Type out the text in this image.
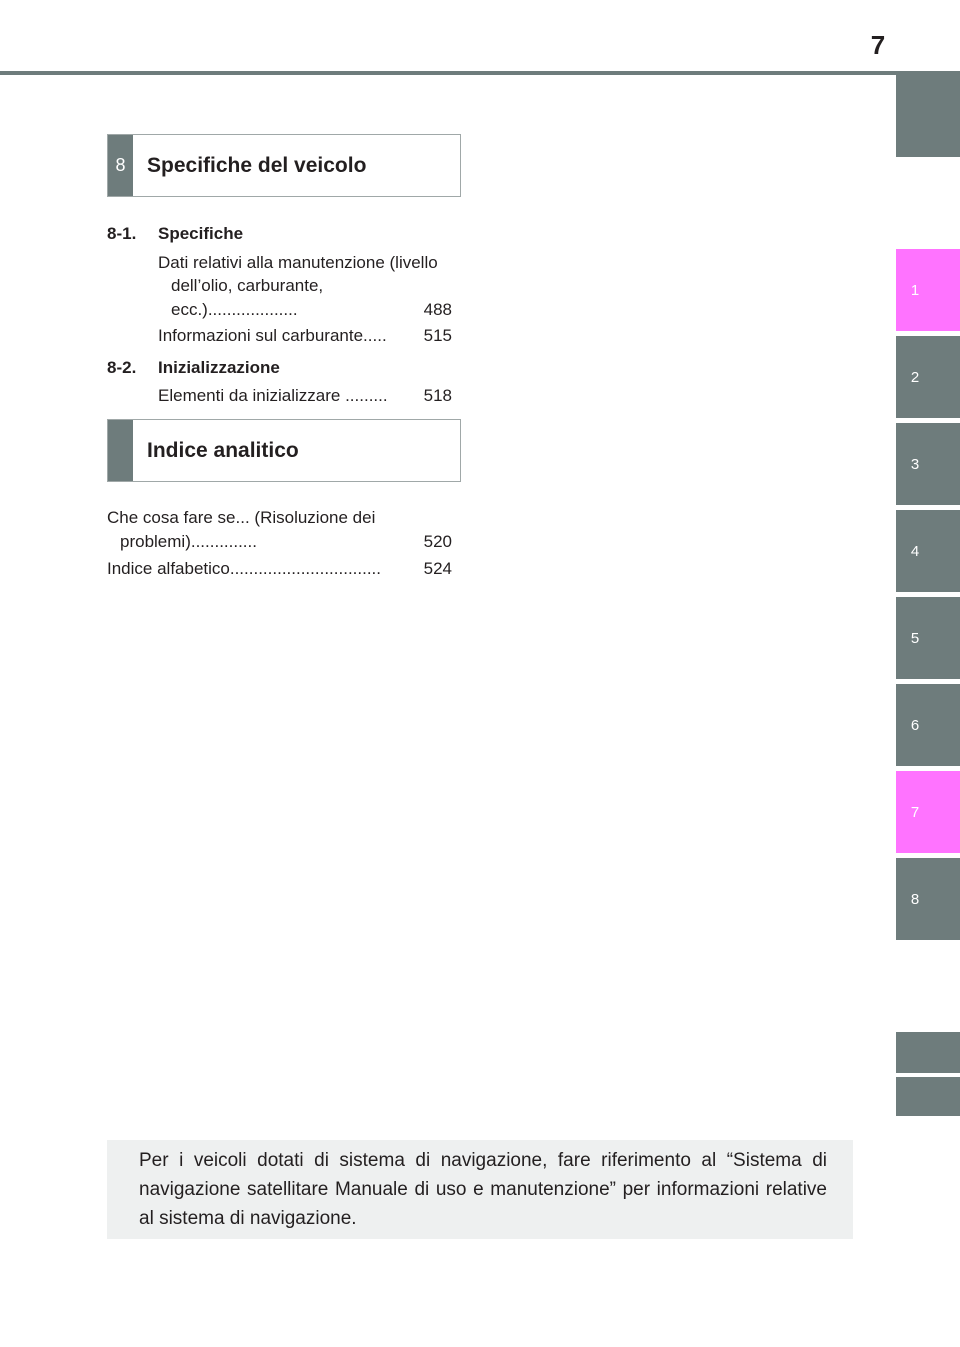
7
8	Specifiche del veicolo
8-1.	Specifiche
Dati relativi alla manutenzione (livello dell’olio, carburante, ecc.)...................	488
Informazioni sul carburante..... 515
8-2.	Inizializzazione
Elementi da inizializzare ......... 518
Indice analitico
Che cosa fare se... (Risoluzione dei problemi)..............	520
Indice alfabetico................................	524
1
2
3
4
5
6
7
8
Per i veicoli dotati di sistema di navigazione, fare riferimento al “Sistema di navigazione satellitare Manuale di uso e manutenzione” per informazioni relative al sistema di navigazione.
